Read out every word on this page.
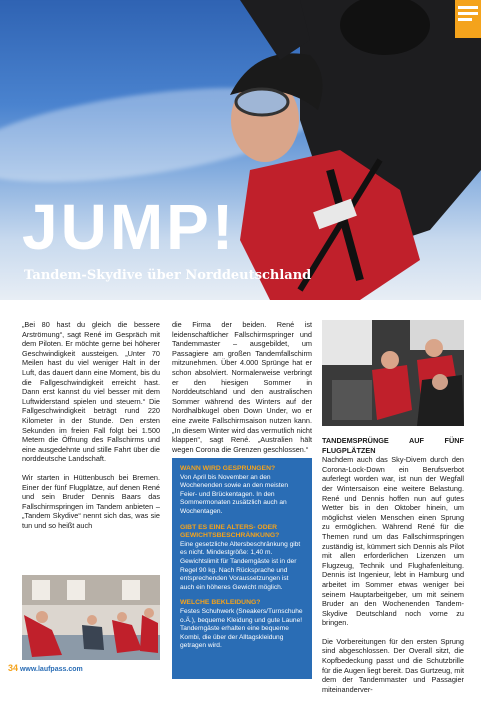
JUMP!
Tandem-Skydive über Norddeutschland

„Bei 80 hast du gleich die bessere Arströmung“, sagt René im Gespräch mit dem Piloten. Er möchte gerne bei höherer Geschwindigkeit aussteigen. „Unter 70 Meilen hast du viel weniger Halt in der Luft, das dauert dann eine Moment, bis du die Fallgeschwindigkeit erreicht hast. Dann erst kannst du viel besser mit dem Luftwiderstand spielen und steuern.“ Die Fallgeschwindigkeit beträgt rund 220 Kilometer in der Stunde. Den ersten Sekunden im freien Fall folgt bei 1.500 Metern die Öffnung des Fallschirms und eine ausgedehnte und stille Fahrt über die norddeutsche Landschaft.

Wir starten in Hüttenbusch bei Bremen. Einer der fünf Flugplätze, auf denen René und sein Bruder Dennis Baars das Fallschirmspringen im Tandem anbieten – „Tandem Skydive“ nennt sich das, was sie tun und so heißt auch

die Firma der beiden. René ist leidenschaftlicher Fallschirmspringer und Tandemmaster – ausgebildet, um Passagiere am großen Tandemfallschirm mitzunehmen. Über 4.000 Sprünge hat er schon absolviert. Normalerweise verbringt er den hiesigen Sommer in Norddeutschland und den australischen Sommer während des Winters auf der Nordhalbkugel oben Down Under, wo er eine zweite Fallschirmsaison nutzen kann. „In diesem Winter wird das vermutlich nicht klappen“, sagt René. „Australien hält wegen Corona die Grenzen geschlossen.“

WANN WIRD GESPRUNGEN?

Von April bis November an den Wochenenden sowie an den meisten Feier- und Brückentagen. In den Sommermonaten zusätzlich auch an Wochentagen.

GIBT ES EINE ALTERS- ODER GEWICHTSBESCHRÄNKUNG?

Eine gesetzliche Altersbeschränkung gibt es nicht. Mindestgröße: 1,40 m. Gewichtslimit für Tandemgäste ist in der Regel 90 kg. Nach Rücksprache und entsprechenden Voraussetzungen ist auch ein höheres Gewicht möglich.

WELCHE BEKLEIDUNG?

Festes Schuhwerk (Sneakers/Turnschuhe o.Ä.), bequeme Kleidung und gute Laune! Tandemgäste erhalten eine bequeme Kombi, die über der Alltagskleidung getragen wird.

TANDEMSPRÜNGE AUF FÜNF FLUGPLÄTZEN

Nachdem auch das Sky-Divem durch den Corona-Lock-Down ein Berufsverbot auferlegt worden war, ist nun der Wegfall der Wintersaison eine weitere Belastung. René und Dennis hoffen nun auf gutes Wetter bis in den Oktober hinein, um möglichst vielen Menschen einen Sprung zu ermöglichen. Während René für die Themen rund um das Fallschirmspringen zuständig ist, kümmert sich Dennis als Pilot mit allen erforderlichen Lizenzen um Flugzeug, Technik und Flughafenleitung. Dennis ist Ingenieur, lebt in Hamburg und arbeitet im Sommer etwas weniger bei seinem Hauptarbeitgeber, um mit seinem Bruder an den Wochenenden Tandem-Skydive Deutschland noch vorne zu bringen.

Die Vorbereitungen für den ersten Sprung sind abgeschlossen. Der Overall sitzt, die Kopfbedeckung passt und die Schutzbrille für die Augen liegt bereit. Das Gurtzeug, mit dem der Tandemmaster und Passagier miteinanderver-

34 www.laufpass.com
